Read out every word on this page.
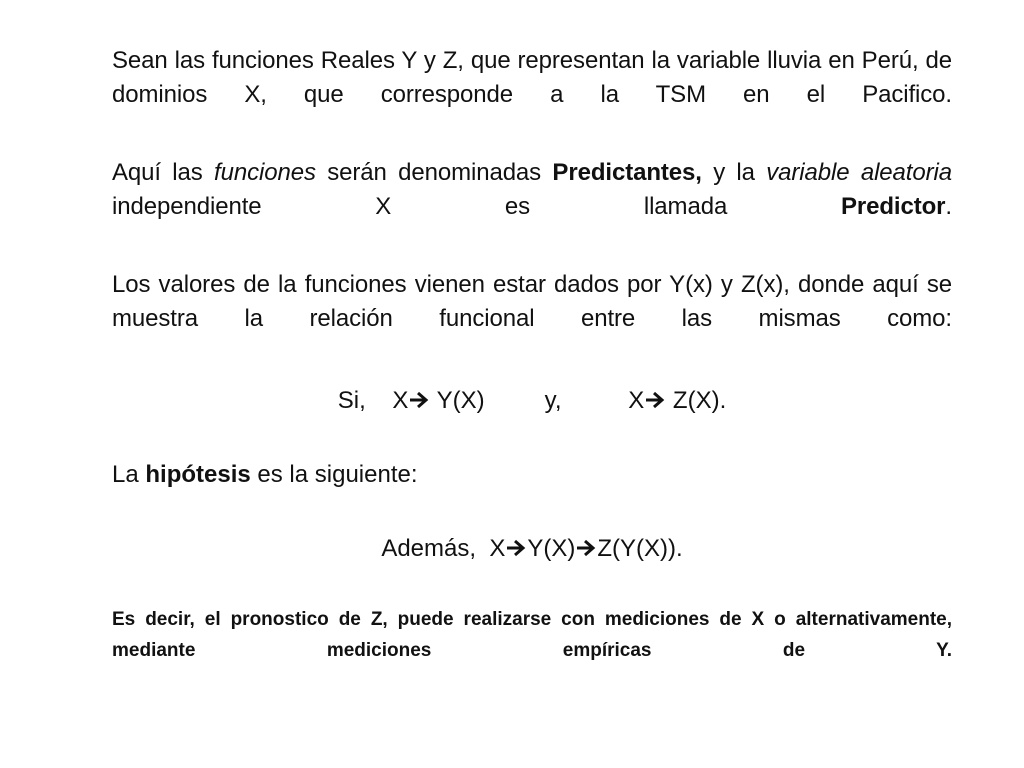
Sean las funciones Reales Y y Z, que representan la variable lluvia en Perú, de dominios X, que corresponde a la TSM en el Pacifico.

Aquí las funciones serán denominadas Predictantes, y la variable aleatoria independiente X es llamada Predictor.

Los valores de la funciones vienen estar dados por Y(x) y Z(x), donde aquí se muestra la relación funcional entre las mismas como:

Si,    X
Y(X)         y,          X
Z(X).

La hipótesis es la siguiente:

Además,  X Y(X) Z(Y(X)).

Es decir, el pronostico de Z, puede realizarse con mediciones de X o alternativamente, mediante mediciones empíricas de Y.
